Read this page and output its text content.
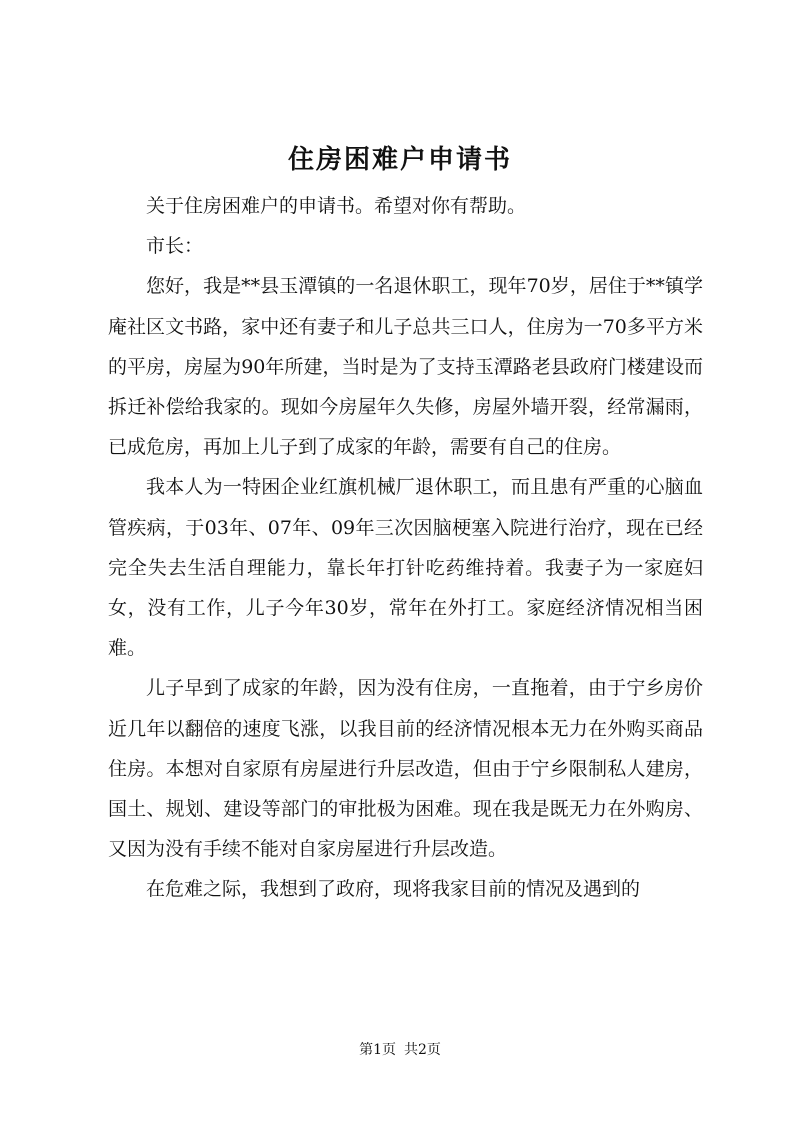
住房困难户申请书

关于住房困难户的申请书。希望对你有帮助。

市长：

您好，我是**县玉潭镇的一名退休职工，现年70岁，居住于**镇学庵社区文书路，家中还有妻子和儿子总共三口人，住房为一70多平方米的平房，房屋为90年所建，当时是为了支持玉潭路老县政府门楼建设而拆迁补偿给我家的。现如今房屋年久失修，房屋外墙开裂，经常漏雨，已成危房，再加上儿子到了成家的年龄，需要有自己的住房。

我本人为一特困企业红旗机械厂退休职工，而且患有严重的心脑血管疾病，于03年、07年、09年三次因脑梗塞入院进行治疗，现在已经完全失去生活自理能力，靠长年打针吃药维持着。我妻子为一家庭妇女，没有工作，儿子今年30岁，常年在外打工。家庭经济情况相当困难。

儿子早到了成家的年龄，因为没有住房，一直拖着，由于宁乡房价近几年以翻倍的速度飞涨，以我目前的经济情况根本无力在外购买商品住房。本想对自家原有房屋进行升层改造，但由于宁乡限制私人建房，国土、规划、建设等部门的审批极为困难。现在我是既无力在外购房、又因为没有手续不能对自家房屋进行升层改造。

在危难之际，我想到了政府，现将我家目前的情况及遇到的

第1页 共2页
